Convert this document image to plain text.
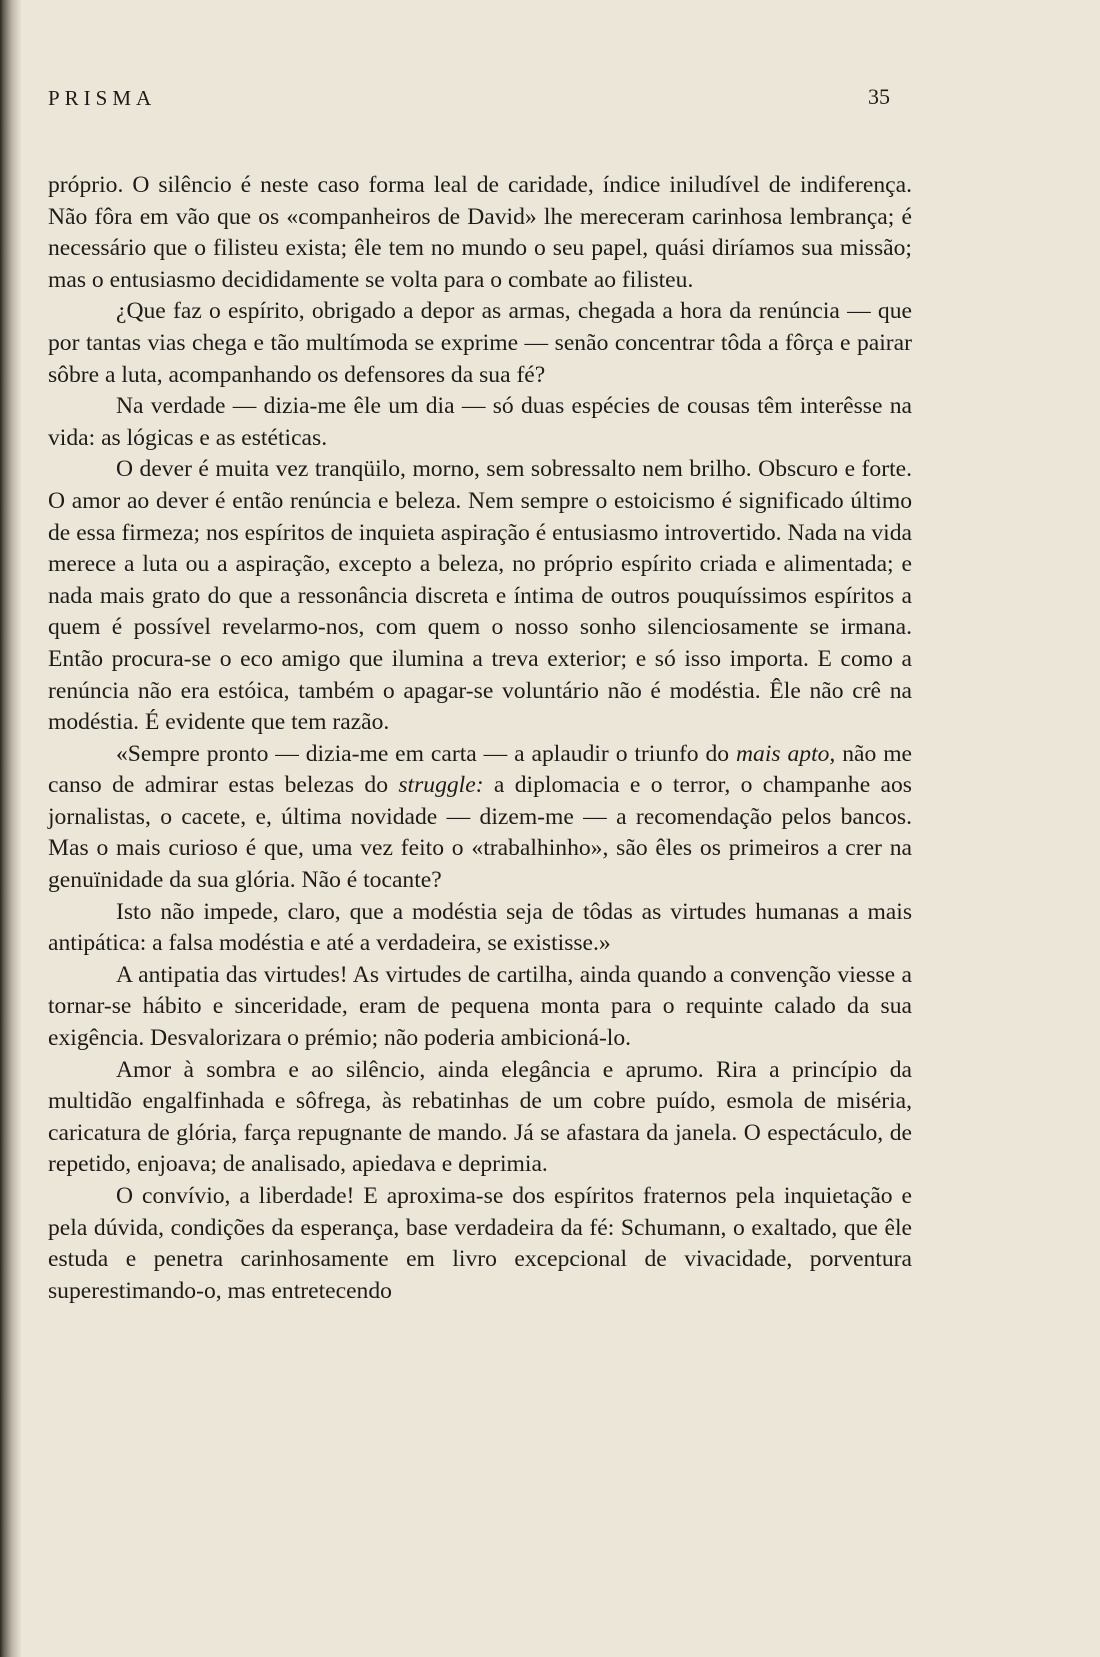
PRISMA	35

próprio. O silêncio é neste caso forma leal de caridade, índice iniludível de indiferença. Não fôra em vão que os «companheiros de David» lhe mereceram carinhosa lembrança; é necessário que o filisteu exista; êle tem no mundo o seu papel, quási diríamos sua missão; mas o entusiasmo decididamente se volta para o combate ao filisteu.

¿Que faz o espírito, obrigado a depor as armas, chegada a hora da renúncia — que por tantas vias chega e tão multímoda se exprime — senão concentrar tôda a fôrça e pairar sôbre a luta, acompanhando os defensores da sua fé?

Na verdade — dizia-me êle um dia — só duas espécies de cousas têm interêsse na vida: as lógicas e as estéticas.

O dever é muita vez tranqüilo, morno, sem sobressalto nem brilho. Obscuro e forte. O amor ao dever é então renúncia e beleza. Nem sempre o estoicismo é significado último de essa firmeza; nos espíritos de inquieta aspiração é entusiasmo introvertido. Nada na vida merece a luta ou a aspiração, excepto a beleza, no próprio espírito criada e alimentada; e nada mais grato do que a ressonância discreta e íntima de outros pouquíssimos espíritos a quem é possível revelarmo-nos, com quem o nosso sonho silenciosamente se irmana. Então procura-se o eco amigo que ilumina a treva exterior; e só isso importa. E como a renúncia não era estóica, também o apagar-se voluntário não é modéstia. Êle não crê na modéstia. É evidente que tem razão.

«Sempre pronto — dizia-me em carta — a aplaudir o triunfo do mais apto, não me canso de admirar estas belezas do struggle: a diplomacia e o terror, o champanhe aos jornalistas, o cacete, e, última novidade — dizem-me — a recomendação pelos bancos. Mas o mais curioso é que, uma vez feito o «trabalhinho», são êles os primeiros a crer na genuïnidade da sua glória. Não é tocante?

Isto não impede, claro, que a modéstia seja de tôdas as virtudes humanas a mais antipática: a falsa modéstia e até a verdadeira, se existisse.»

A antipatia das virtudes! As virtudes de cartilha, ainda quando a convenção viesse a tornar-se hábito e sinceridade, eram de pequena monta para o requinte calado da sua exigência. Desvalorizara o prémio; não poderia ambicioná-lo.

Amor à sombra e ao silêncio, ainda elegância e aprumo. Rira a princípio da multidão engalfinhada e sôfrega, às rebatinhas de um cobre puído, esmola de miséria, caricatura de glória, farça repugnante de mando. Já se afastara da janela. O espectáculo, de repetido, enjoava; de analisado, apiedava e deprimia.

O convívio, a liberdade! E aproxima-se dos espíritos fraternos pela inquietação e pela dúvida, condições da esperança, base verdadeira da fé: Schumann, o exaltado, que êle estuda e penetra carinhosamente em livro excepcional de vivacidade, porventura superestimando-o, mas entretecendo
